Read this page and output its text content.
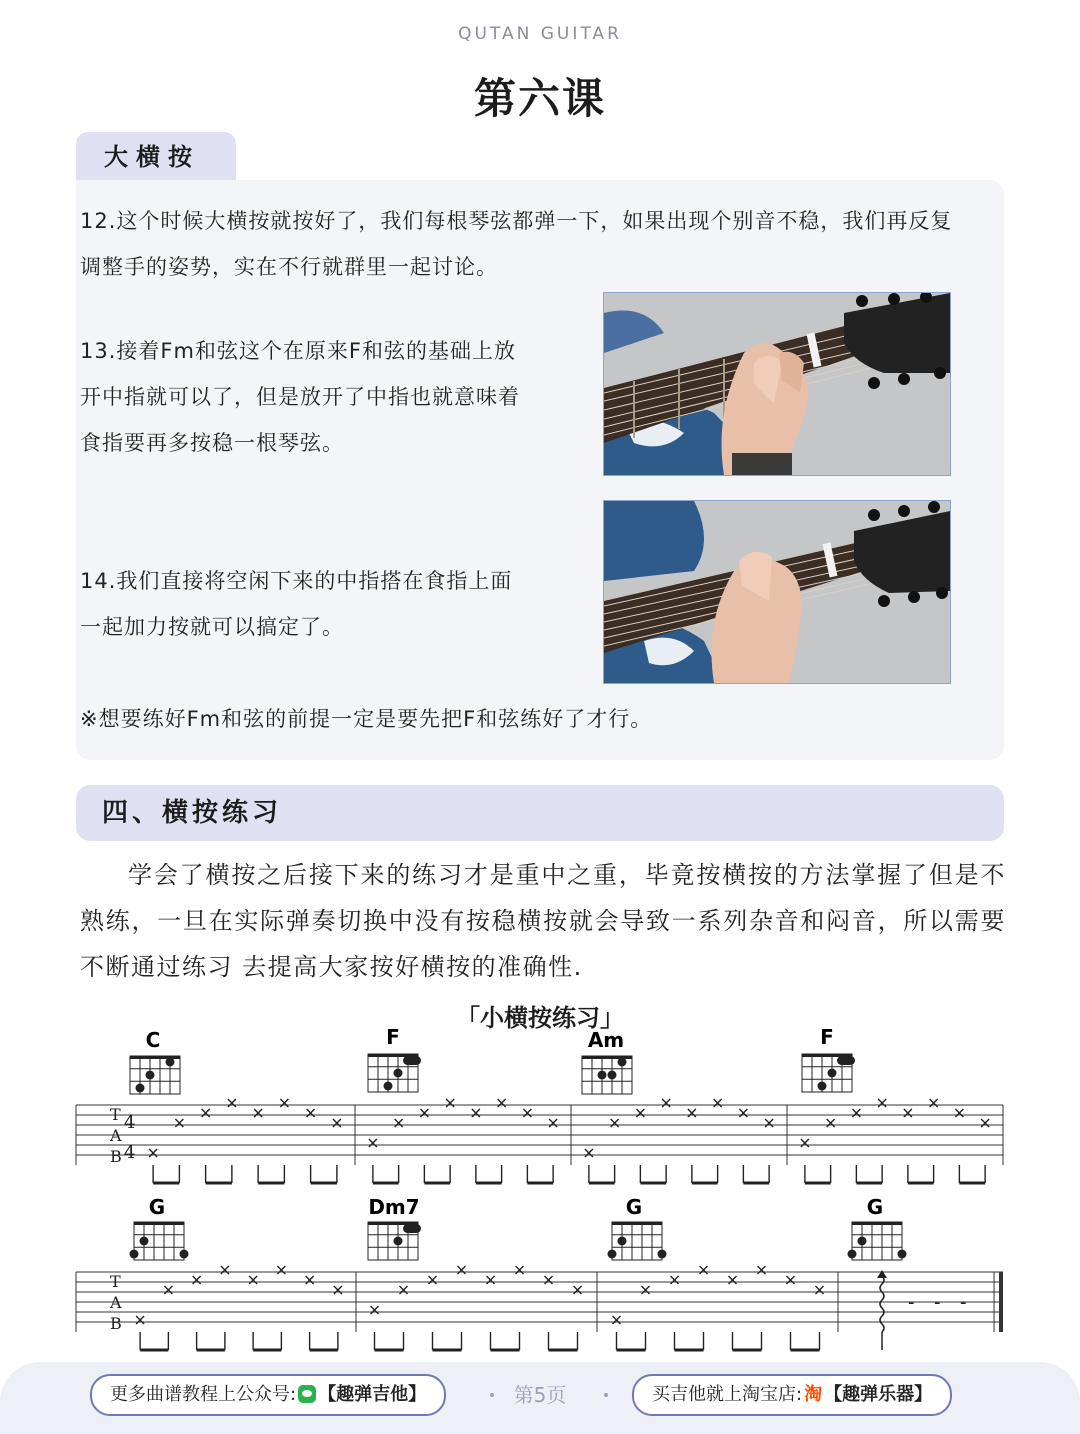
QUTAN GUITAR
第六课
大横按
12.这个时候大横按就按好了，我们每根琴弦都弹一下，如果出现个别音不稳，我们再反复
调整手的姿势，实在不行就群里一起讨论。
13.接着Fm和弦这个在原来F和弦的基础上放
开中指就可以了，但是放开了中指也就意味着
食指要再多按稳一根琴弦。
14.我们直接将空闲下来的中指搭在食指上面
一起加力按就可以搞定了。
※想要练好Fm和弦的前提一定是要先把F和弦练好了才行。
四、横按练习
学会了横按之后接下来的练习才是重中之重，毕竟按横按的方法掌握了但是不熟练，一旦在实际弹奏切换中没有按稳横按就会导致一系列杂音和闷音，所以需要不断通过练习 去提高大家按好横按的准确性.
「小横按练习」
C	F	Am	F
T
A
B
4
4
G	Dm7	G	G
T
A
B
- - -
更多曲谱教程上公众号: 【趣弹吉他】	第5页	买吉他就上淘宝店: 淘 【趣弹乐器】
